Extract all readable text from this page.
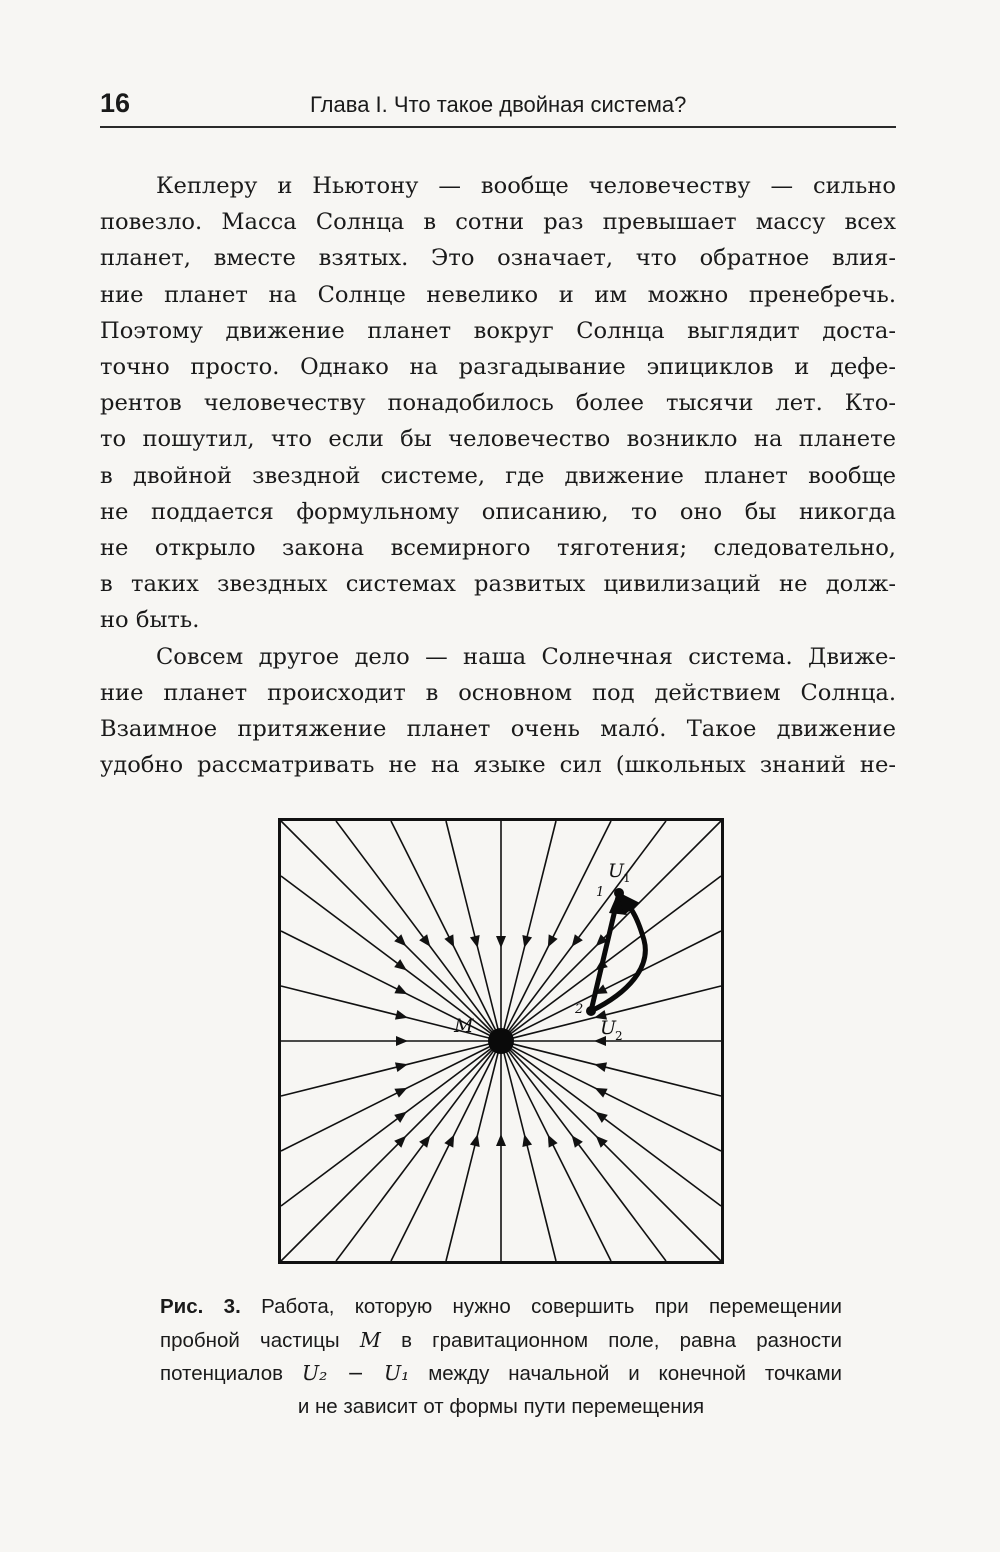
16	Глава I. Что такое двойная система?
Кеплеру и Ньютону — вообще человечеству — сильно
повезло. Масса Солнца в сотни раз превышает массу всех
планет, вместе взятых. Это означает, что обратное влия-
ние планет на Солнце невелико и им можно пренебречь.
Поэтому движение планет вокруг Солнца выглядит доста-
точно просто. Однако на разгадывание эпициклов и дефе-
рентов человечеству понадобилось более тысячи лет. Кто-
то пошутил, что если бы человечество возникло на планете
в двойной звездной системе, где движение планет вообще
не поддается формульному описанию, то оно бы никогда
не открыло закона всемирного тяготения; следовательно,
в таких звездных системах развитых цивилизаций не долж-
но быть.
Совсем другое дело — наша Солнечная система. Движе-
ние планет происходит в основном под действием Солнца.
Взаимное притяжение планет очень мало́. Такое движение
удобно рассматривать не на языке сил (школьных знаний не-
M
U
1
1
2
U
2
Рис. 3. Работа, которую нужно совершить при перемещении
пробной частицы M в гравитационном поле, равна разности
потенциалов U₂ − U₁ между начальной и конечной точками
и не зависит от формы пути перемещения
